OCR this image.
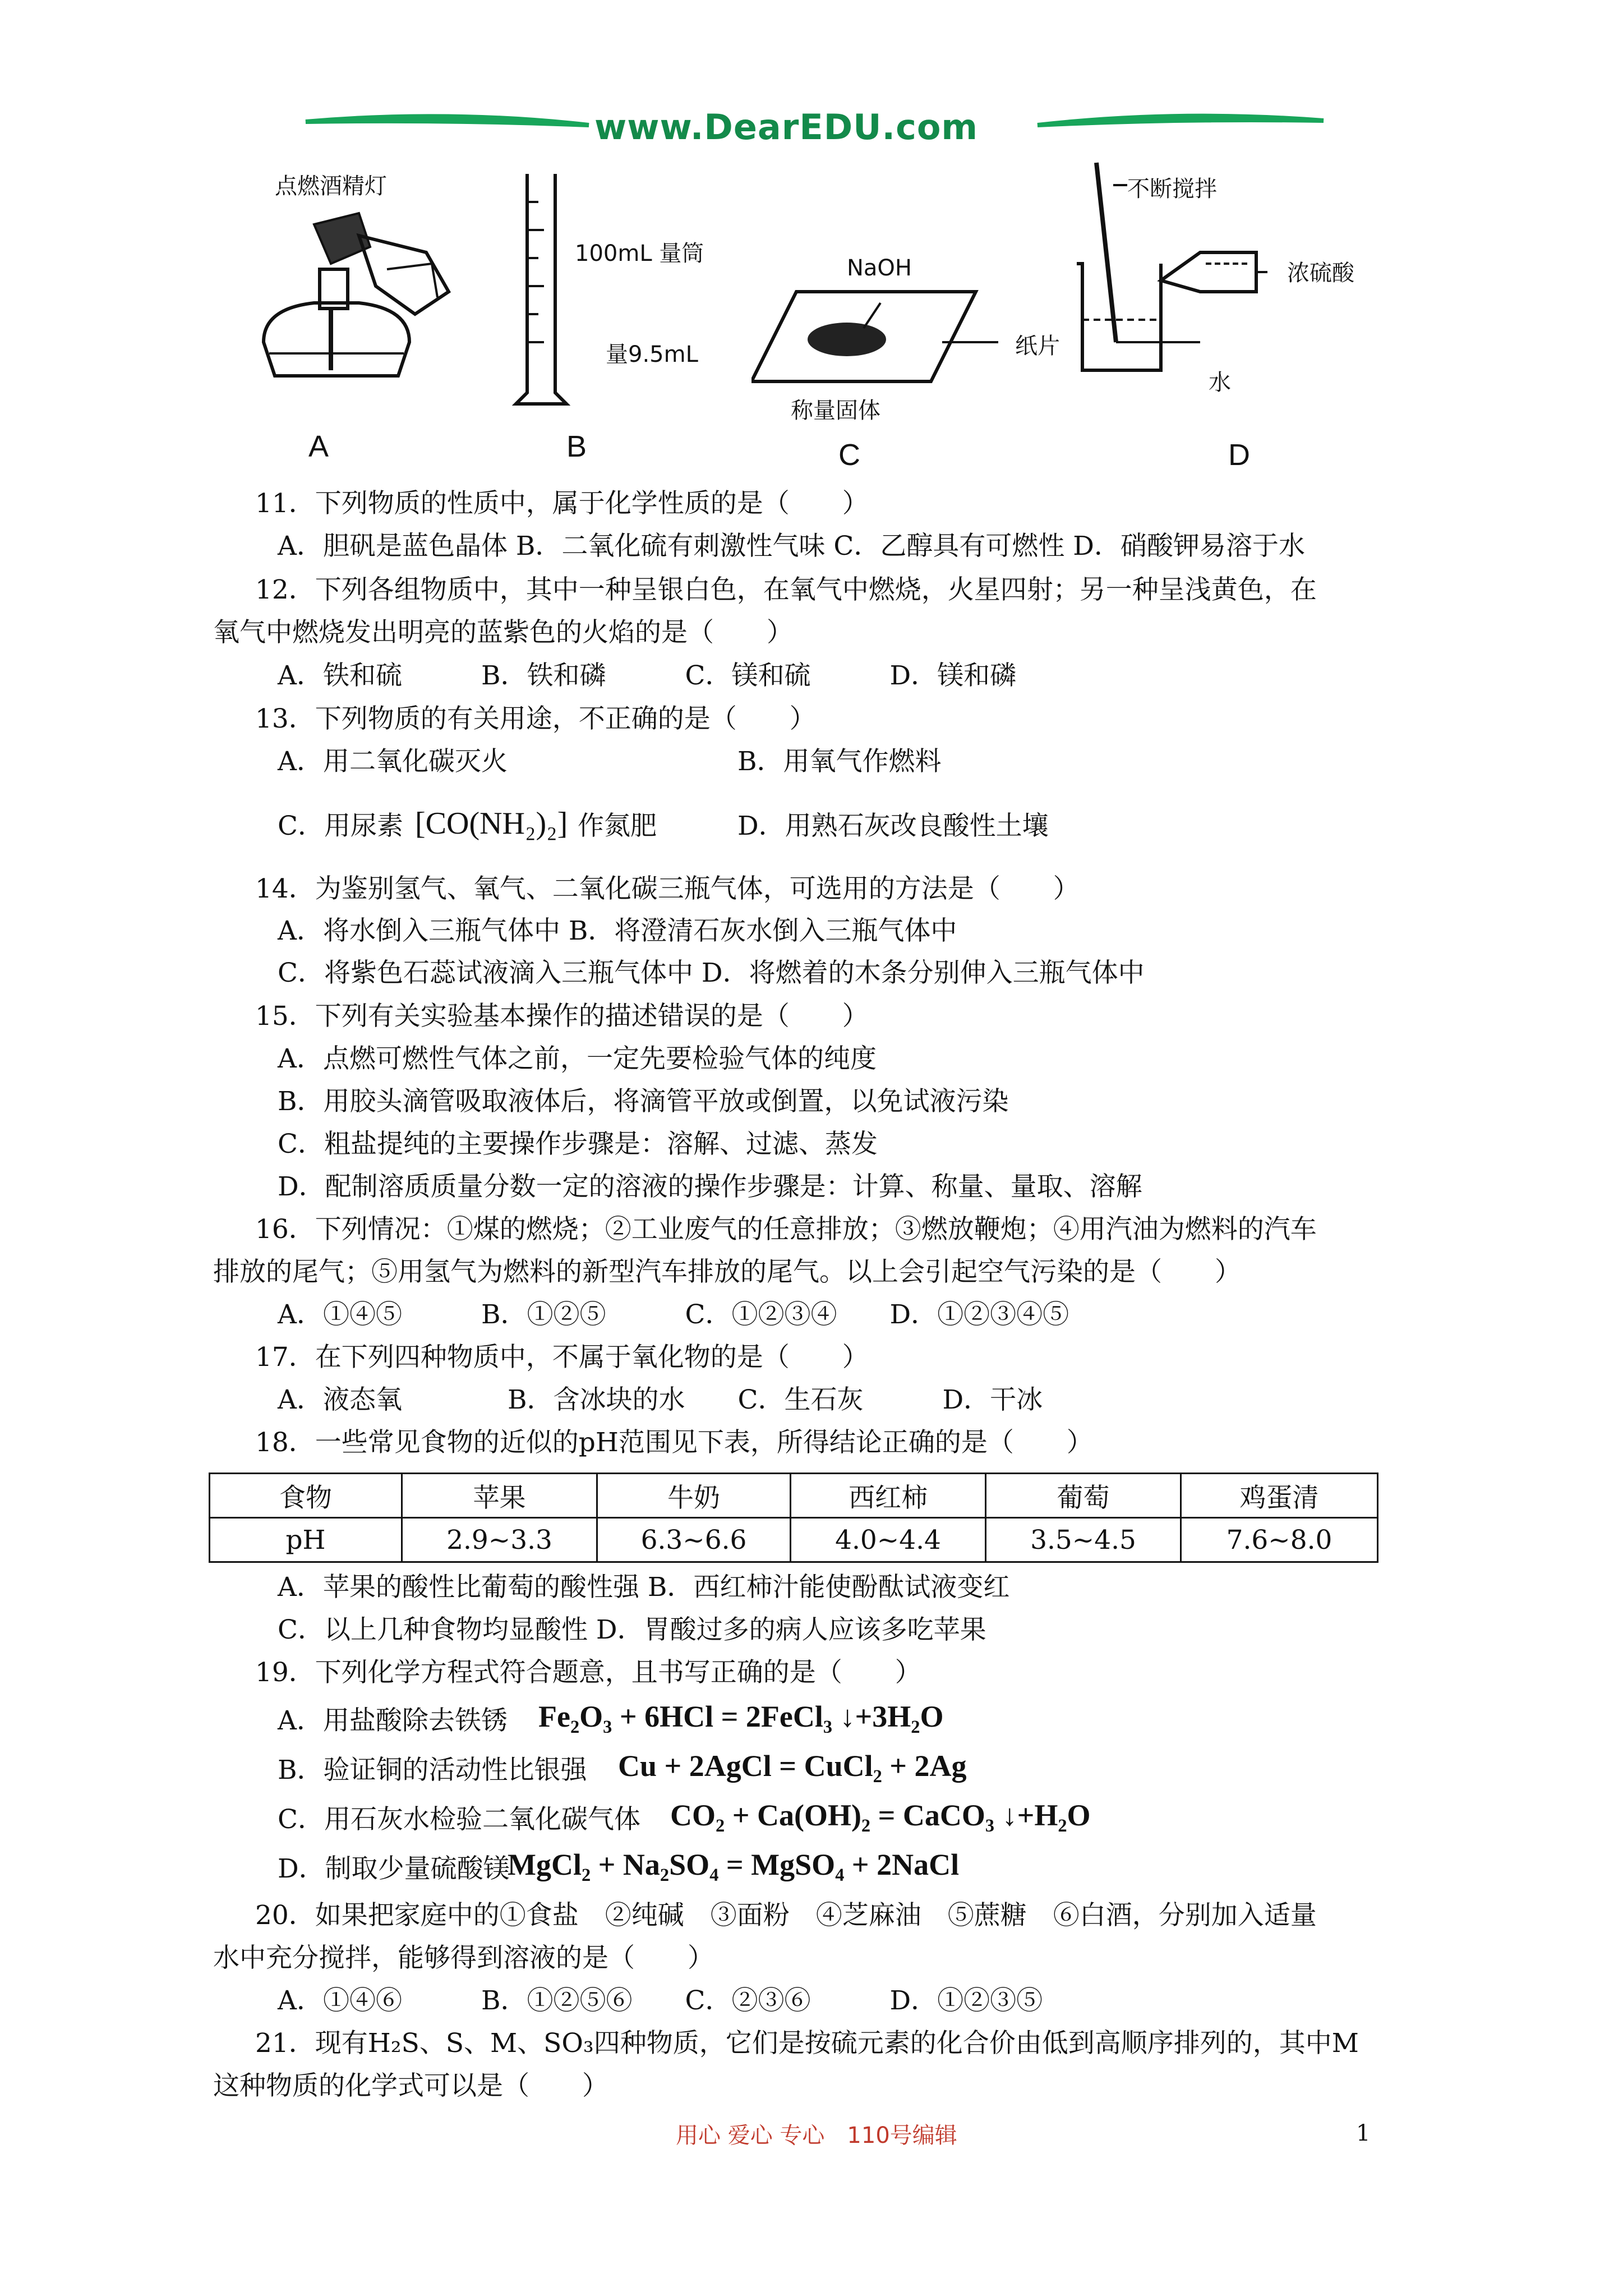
www.DearEDU.com
点燃酒精灯
A
100mL 量筒
量9.5mL
B
NaOH
纸片
称量固体
C
不断搅拌
浓硫酸
水
D
11．下列物质的性质中，属于化学性质的是（　　）
A．胆矾是蓝色晶体 B．二氧化硫有刺激性气味 C．乙醇具有可燃性 D．硝酸钾易溶于水
12．下列各组物质中，其中一种呈银白色，在氧气中燃烧，火星四射；另一种呈浅黄色，在
氧气中燃烧发出明亮的蓝紫色的火焰的是（　　）
A．铁和硫　　　B．铁和磷　　　C．镁和硫　　　D．镁和磷
13．下列物质的有关用途，不正确的是（　　）
A．用二氧化碳灭火	B．用氧气作燃料
C．用尿素 [CO(NH₂)₂] 作氮肥	D．用熟石灰改良酸性土壤
14．为鉴别氢气、氧气、二氧化碳三瓶气体，可选用的方法是（　　）
A．将水倒入三瓶气体中 B．将澄清石灰水倒入三瓶气体中
C．将紫色石蕊试液滴入三瓶气体中 D．将燃着的木条分别伸入三瓶气体中
15．下列有关实验基本操作的描述错误的是（　　）
A．点燃可燃性气体之前，一定先要检验气体的纯度
B．用胶头滴管吸取液体后，将滴管平放或倒置，以免试液污染
C．粗盐提纯的主要操作步骤是：溶解、过滤、蒸发
D．配制溶质质量分数一定的溶液的操作步骤是：计算、称量、量取、溶解
16．下列情况：①煤的燃烧；②工业废气的任意排放；③燃放鞭炮；④用汽油为燃料的汽车
排放的尾气；⑤用氢气为燃料的新型汽车排放的尾气。以上会引起空气污染的是（　　）
A．①④⑤　　　B．①②⑤　　　C．①②③④　　D．①②③④⑤
17．在下列四种物质中，不属于氧化物的是（　　）
A．液态氧　　　　B．含冰块的水　　C．生石灰　　　D．干冰
18．一些常见食物的近似的pH范围见下表，所得结论正确的是（　　）
食物	苹果	牛奶	西红柿	葡萄	鸡蛋清
pH	2.9~3.3	6.3~6.6	4.0~4.4	3.5~4.5	7.6~8.0
A．苹果的酸性比葡萄的酸性强 B．西红柿汁能使酚酞试液变红
C．以上几种食物均显酸性 D．胃酸过多的病人应该多吃苹果
19．下列化学方程式符合题意，且书写正确的是（　　）
A．用盐酸除去铁锈 Fe₂O₃ + 6HCl = 2FeCl₃ ↓+3H₂O
B．验证铜的活动性比银强 Cu + 2AgCl = CuCl₂ + 2Ag
C．用石灰水检验二氧化碳气体 CO₂ + Ca(OH)₂ = CaCO₃ ↓+H₂O
D．制取少量硫酸镁
MgCl₂ + Na₂SO₄ = MgSO₄ + 2NaCl
20．如果把家庭中的①食盐　②纯碱　③面粉　④芝麻油　⑤蔗糖　⑥白酒，分别加入适量
水中充分搅拌，能够得到溶液的是（　　）
A．①④⑥　　　B．①②⑤⑥　　C．②③⑥　　　D．①②③⑤
21．现有H₂S、S、M、SO₃四种物质，它们是按硫元素的化合价由低到高顺序排列的，其中M
这种物质的化学式可以是（　　）
用心 爱心 专心　110号编辑	1
